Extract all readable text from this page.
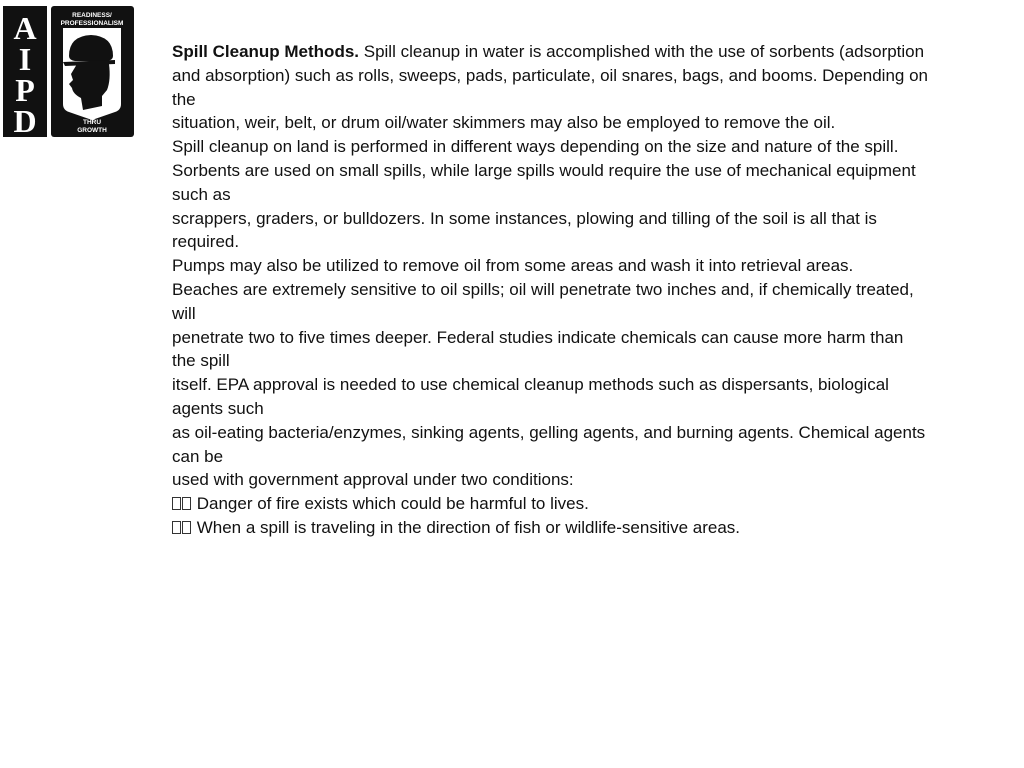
A
I
P
D
READINESS/
PROFESSIONALISM
THRU
GROWTH
Spill Cleanup Methods. Spill cleanup in water is accomplished with the use of sorbents (adsorption
and absorption) such as rolls, sweeps, pads, particulate, oil snares, bags, and booms. Depending on
the
situation, weir, belt, or drum oil/water skimmers may also be employed to remove the oil.
Spill cleanup on land is performed in different ways depending on the size and nature of the spill.
Sorbents are used on small spills, while large spills would require the use of mechanical equipment
such as
scrappers, graders, or bulldozers. In some instances, plowing and tilling of the soil is all that is
required.
Pumps may also be utilized to remove oil from some areas and wash it into retrieval areas.
Beaches are extremely sensitive to oil spills; oil will penetrate two inches and, if chemically treated,
will
penetrate two to five times deeper. Federal studies indicate chemicals can cause more harm than
the spill
itself. EPA approval is needed to use chemical cleanup methods such as dispersants, biological
agents such
as oil-eating bacteria/enzymes, sinking agents, gelling agents, and burning agents. Chemical agents
can be
used with government approval under two conditions:
Danger of fire exists which could be harmful to lives.
When a spill is traveling in the direction of fish or wildlife-sensitive areas.
